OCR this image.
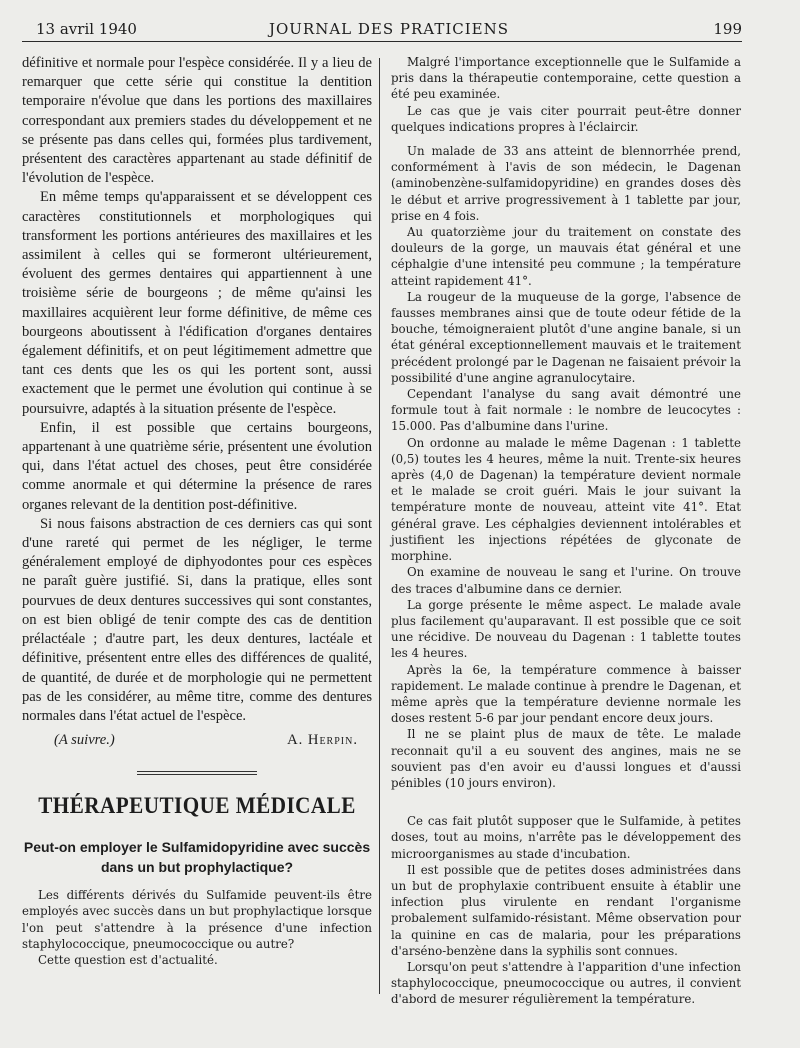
13 avril 1940	JOURNAL DES PRATICIENS	199

définitive et normale pour l'espèce considérée. Il y a lieu de remarquer que cette série qui constitue la dentition temporaire n'évolue que dans les portions des maxillaires correspondant aux premiers stades du développement et ne se présente pas dans celles qui, formées plus tardivement, présentent des caractères appartenant au stade définitif de l'évolution de l'espèce.

En même temps qu'apparaissent et se développent ces caractères constitutionnels et morphologiques qui transforment les portions antérieures des maxillaires et les assimilent à celles qui se formeront ultérieurement, évoluent des germes dentaires qui appartiennent à une troisième série de bourgeons ; de même qu'ainsi les maxillaires acquièrent leur forme définitive, de même ces bourgeons aboutissent à l'édification d'organes dentaires également définitifs, et on peut légitimement admettre que tant ces dents que les os qui les portent sont, aussi exactement que le permet une évolution qui continue à se poursuivre, adaptés à la situation présente de l'espèce.

Enfin, il est possible que certains bourgeons, appartenant à une quatrième série, présentent une évolution qui, dans l'état actuel des choses, peut être considérée comme anormale et qui détermine la présence de rares organes relevant de la dentition post-définitive.

Si nous faisons abstraction de ces derniers cas qui sont d'une rareté qui permet de les négliger, le terme généralement employé de diphyodontes pour ces espèces ne paraît guère justifié. Si, dans la pratique, elles sont pourvues de deux dentures successives qui sont constantes, on est bien obligé de tenir compte des cas de dentition prélactéale ; d'autre part, les deux dentures, lactéale et définitive, présentent entre elles des différences de qualité, de quantité, de durée et de morphologie qui ne permettent pas de les considérer, au même titre, comme des dentures normales dans l'état actuel de l'espèce.

(A suivre.)	A. Herpin.
THÉRAPEUTIQUE MÉDICALE
Peut-on employer le Sulfamidopyridine avec succès dans un but prophylactique?

Les différents dérivés du Sulfamide peuvent-ils être employés avec succès dans un but prophylactique lorsque l'on peut s'attendre à la présence d'une infection staphylococcique, pneumococcique ou autre?

Cette question est d'actualité.

Malgré l'importance exceptionnelle que le Sulfamide a pris dans la thérapeutie contemporaine, cette question a été peu examinée.

Le cas que je vais citer pourrait peut-être donner quelques indications propres à l'éclaircir.

Un malade de 33 ans atteint de blennorrhée prend, conformément à l'avis de son médecin, le Dagenan (aminobenzène-sulfamidopyridine) en grandes doses dès le début et arrive progressivement à 1 tablette par jour, prise en 4 fois.

Au quatorzième jour du traitement on constate des douleurs de la gorge, un mauvais état général et une céphalgie d'une intensité peu commune ; la température atteint rapidement 41°.

La rougeur de la muqueuse de la gorge, l'absence de fausses membranes ainsi que de toute odeur fétide de la bouche, témoigneraient plutôt d'une angine banale, si un état général exceptionnellement mauvais et le traitement précédent prolongé par le Dagenan ne faisaient prévoir la possibilité d'une angine agranulocytaire.

Cependant l'analyse du sang avait démontré une formule tout à fait normale : le nombre de leucocytes : 15.000. Pas d'albumine dans l'urine.

On ordonne au malade le même Dagenan : 1 tablette (0,5) toutes les 4 heures, même la nuit. Trente-six heures après (4,0 de Dagenan) la température devient normale et le malade se croit guéri. Mais le jour suivant la température monte de nouveau, atteint vite 41°. Etat général grave. Les céphalgies deviennent intolérables et justifient les injections répétées de glyconate de morphine.

On examine de nouveau le sang et l'urine. On trouve des traces d'albumine dans ce dernier.

La gorge présente le même aspect. Le malade avale plus facilement qu'auparavant. Il est possible que ce soit une récidive. De nouveau du Dagenan : 1 tablette toutes les 4 heures.

Après la 6e, la température commence à baisser rapidement. Le malade continue à prendre le Dagenan, et même après que la température devienne normale les doses restent 5-6 par jour pendant encore deux jours.

Il ne se plaint plus de maux de tête. Le malade reconnait qu'il a eu souvent des angines, mais ne se souvient pas d'en avoir eu d'aussi longues et d'aussi pénibles (10 jours environ).

Ce cas fait plutôt supposer que le Sulfamide, à petites doses, tout au moins, n'arrête pas le développement des microorganismes au stade d'incubation.

Il est possible que de petites doses administrées dans un but de prophylaxie contribuent ensuite à établir une infection plus virulente en rendant l'organisme probalement sulfamido-résistant. Même observation pour la quinine en cas de malaria, pour les préparations d'arséno-benzène dans la syphilis sont connues.

Lorsqu'on peut s'attendre à l'apparition d'une infection staphylococcique, pneumococcique ou autres, il convient d'abord de mesurer régulièrement la température.
